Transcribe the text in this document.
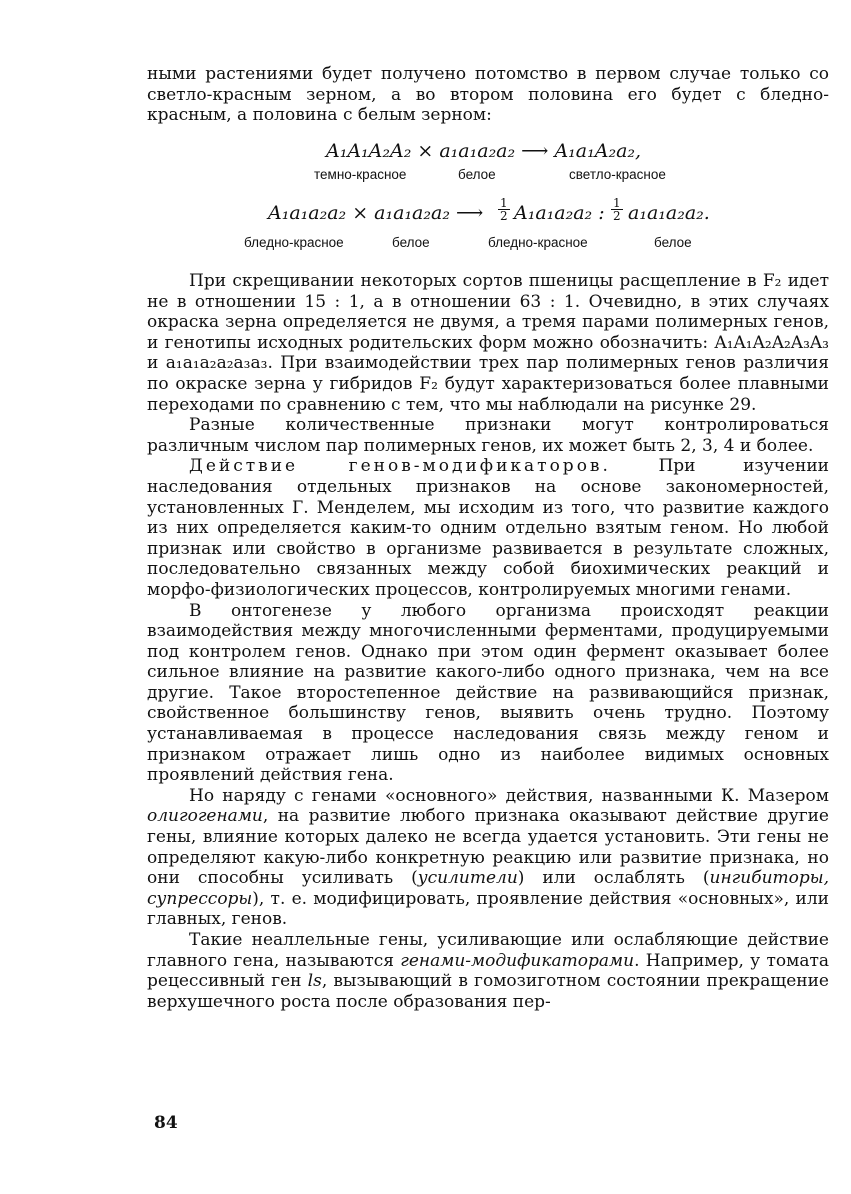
ными растениями будет получено потомство в первом случае только со светло-красным зерном, а во втором половина его будет с бледно-красным, а половина с белым зерном:

A₁A₁A₂A₂ × a₁a₁a₂a₂ ⟶ A₁a₁A₂a₂,
темно-красное	белое	светло-красное
A₁a₁a₂a₂ × a₁a₁a₂a₂ ⟶ $\frac{1}{2} A_1a_1a_2a_2$ : $\frac{1}{2} a_1a_1a_2a_2$.
бледно-красное	белое	бледно-красное	белое

При скрещивании некоторых сортов пшеницы расщепление в F₂ идет не в отношении 15 : 1, а в отношении 63 : 1. Очевидно, в этих случаях окраска зерна определяется не двумя, а тремя парами полимерных генов, и генотипы исходных родительских форм можно обозначить: A₁A₁A₂A₂A₃A₃ и a₁a₁a₂a₂a₃a₃. При взаимодействии трех пар полимерных генов различия по окраске зерна у гибридов F₂ будут характеризоваться более плавными переходами по сравнению с тем, что мы наблюдали на рисунке 29.

Разные количественные признаки могут контролироваться различным числом пар полимерных генов, их может быть 2, 3, 4 и более.

Действие генов-модификаторов. При изучении наследования отдельных признаков на основе закономерностей, установленных Г. Менделем, мы исходим из того, что развитие каждого из них определяется каким-то одним отдельно взятым геном. Но любой признак или свойство в организме развивается в результате сложных, последовательно связанных между собой биохимических реакций и морфо-физиологических процессов, контролируемых многими генами.

В онтогенезе у любого организма происходят реакции взаимодействия между многочисленными ферментами, продуцируемыми под контролем генов. Однако при этом один фермент оказывает более сильное влияние на развитие какого-либо одного признака, чем на все другие. Такое второстепенное действие на развивающийся признак, свойственное большинству генов, выявить очень трудно. Поэтому устанавливаемая в процессе наследования связь между геном и признаком отражает лишь одно из наиболее видимых основных проявлений действия гена.

Но наряду с генами «основного» действия, названными К. Мазером олигогенами, на развитие любого признака оказывают действие другие гены, влияние которых далеко не всегда удается установить. Эти гены не определяют какую-либо конкретную реакцию или развитие признака, но они способны усиливать (усилители) или ослаблять (ингибиторы, супрессоры), т. е. модифицировать, проявление действия «основных», или главных, генов.

Такие неаллельные гены, усиливающие или ослабляющие действие главного гена, называются генами-модификаторами. Например, у томата рецессивный ген ls, вызывающий в гомозиготном состоянии прекращение верхушечного роста после образования пер-

84
